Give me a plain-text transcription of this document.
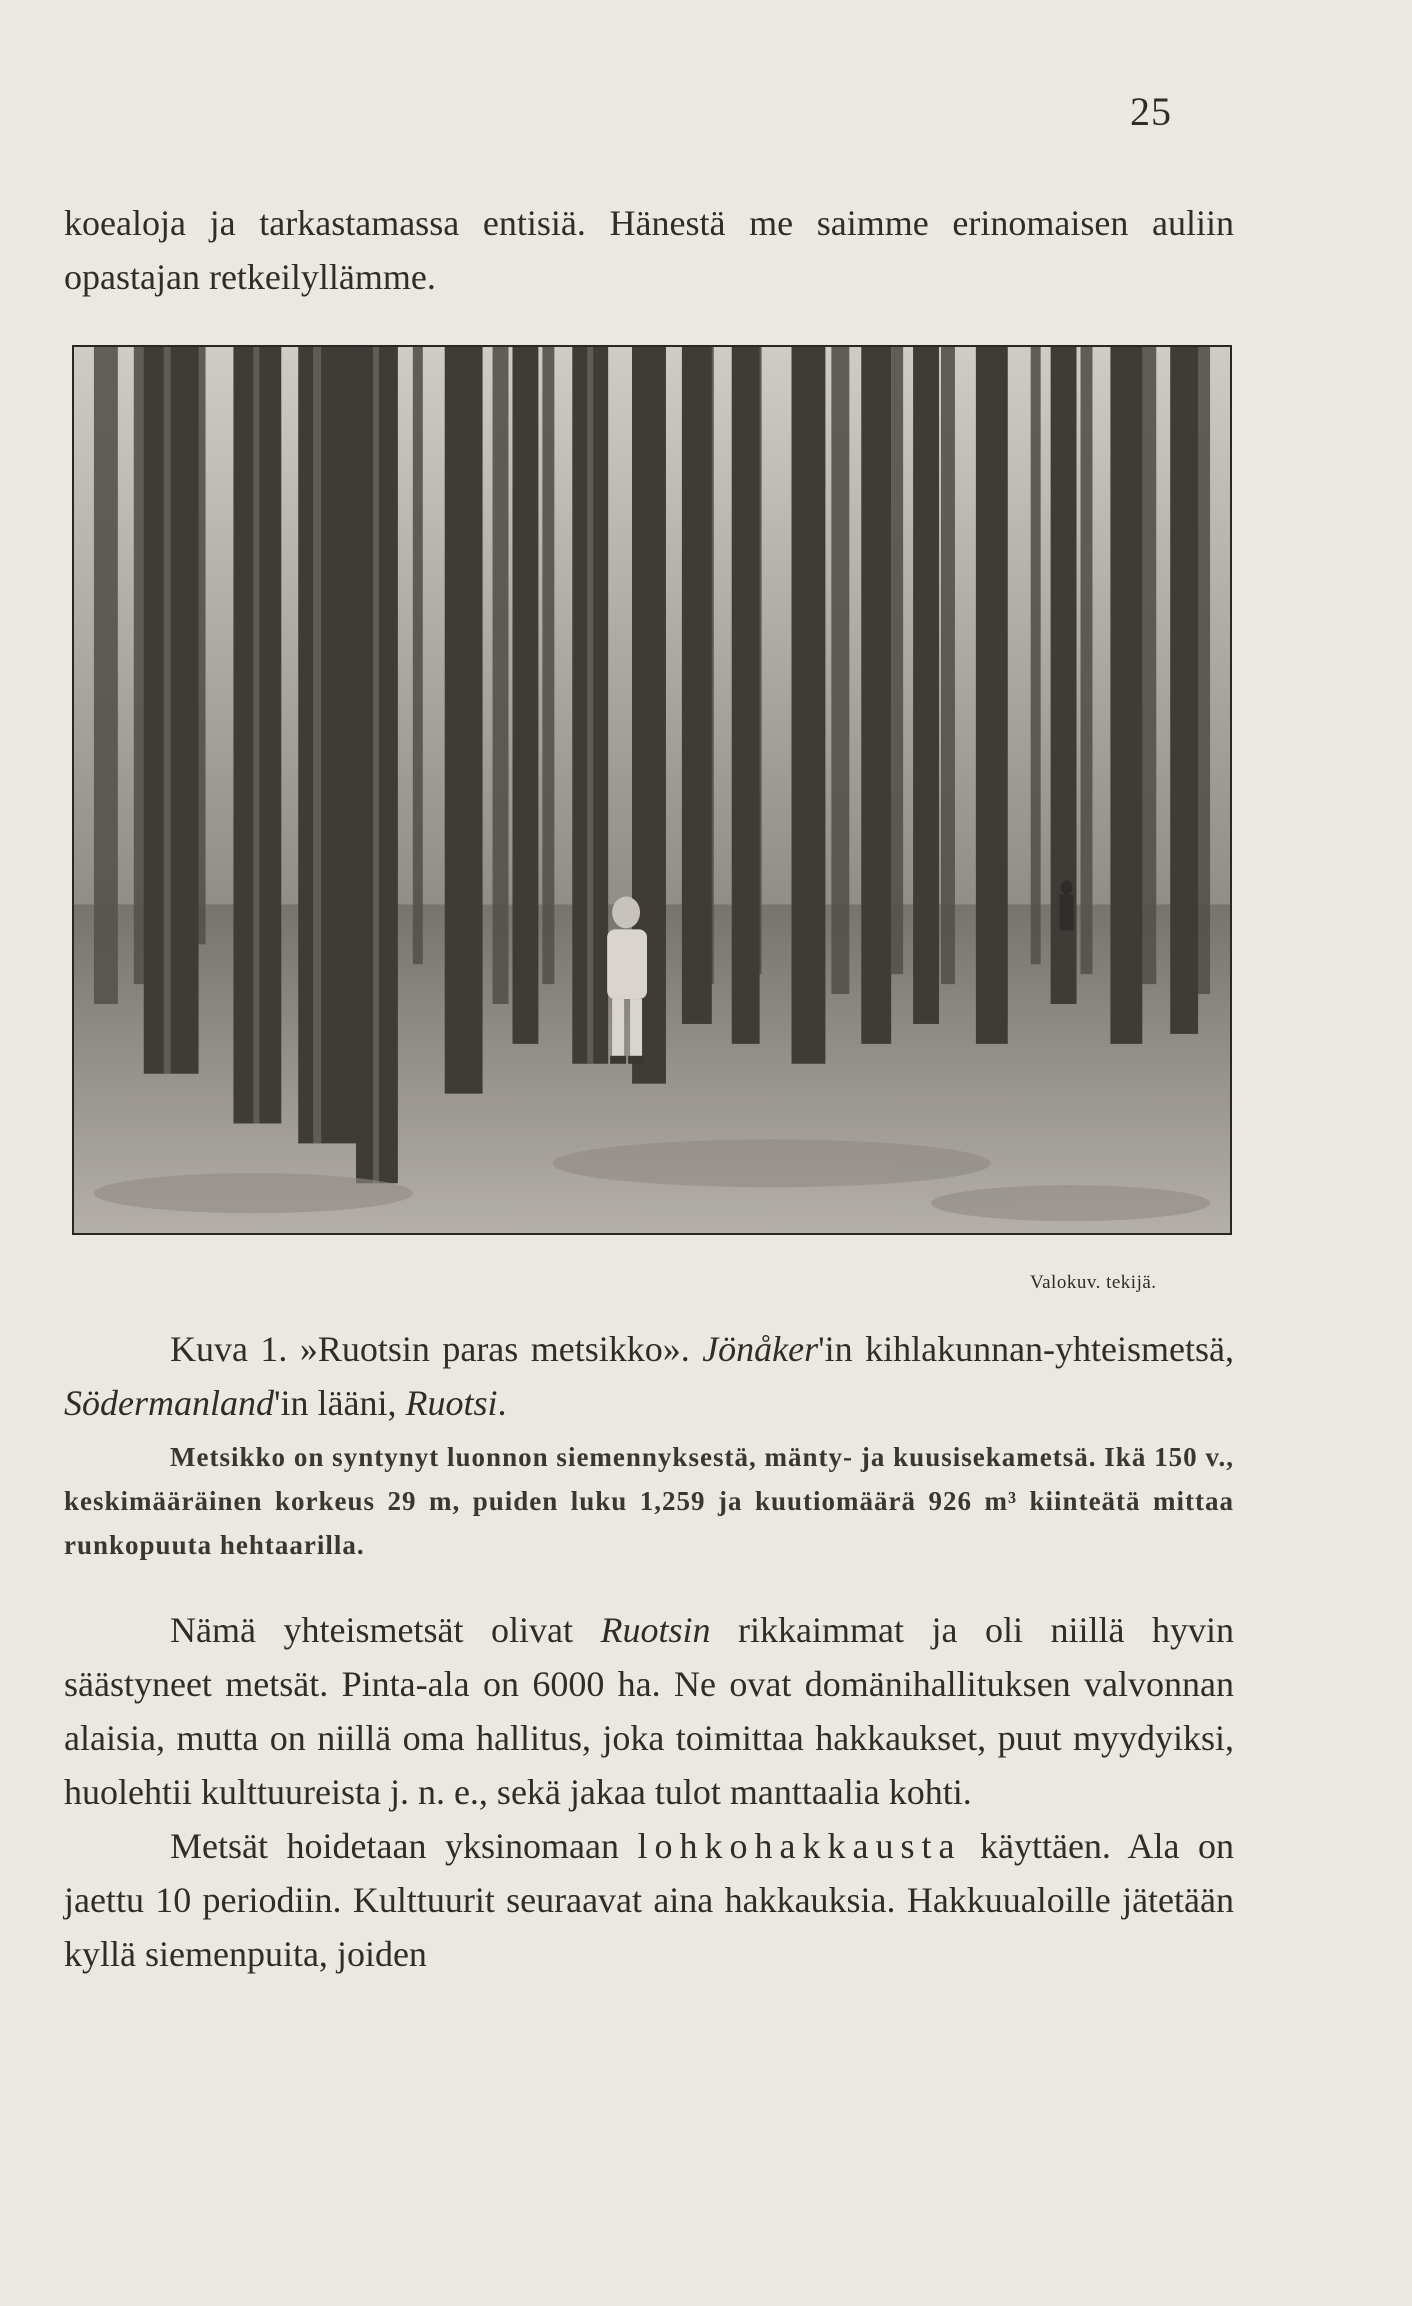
25

koealoja ja tarkastamassa entisiä. Hänestä me saimme erinomaisen auliin opastajan retkeilyllämme.

Valokuv. tekijä.

Kuva 1. »Ruotsin paras metsikko». Jönåker'in kihlakunnan-yhteismetsä, Södermanland'in lääni, Ruotsi.

Metsikko on syntynyt luonnon siemennyksestä, mänty- ja kuusisekametsä. Ikä 150 v., keskimääräinen korkeus 29 m, puiden luku 1,259 ja kuutiomäärä 926 m³ kiinteätä mittaa runkopuuta hehtaarilla.

Nämä yhteismetsät olivat Ruotsin rikkaimmat ja oli niillä hyvin säästyneet metsät. Pinta-ala on 6000 ha. Ne ovat domänihallituksen valvonnan alaisia, mutta on niillä oma hallitus, joka toimittaa hakkaukset, puut myydyiksi, huolehtii kulttuureista j. n. e., sekä jakaa tulot manttaalia kohti.

Metsät hoidetaan yksinomaan lohkohakkausta käyttäen. Ala on jaettu 10 periodiin. Kulttuurit seuraavat aina hakkauksia. Hakkuualoille jätetään kyllä siemenpuita, joiden
